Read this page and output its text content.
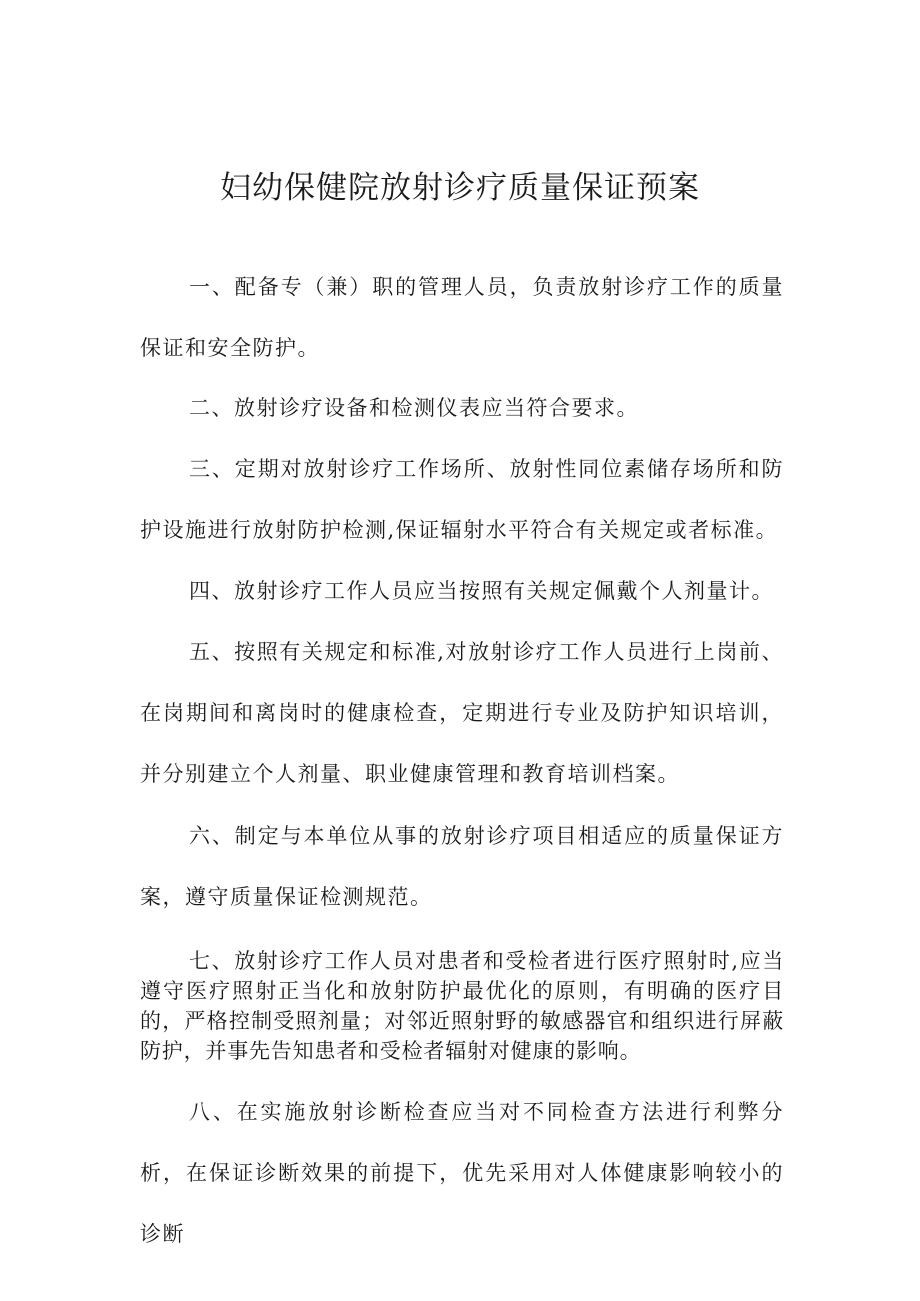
妇幼保健院放射诊疗质量保证预案

一、配备专（兼）职的管理人员，负责放射诊疗工作的质量保证和安全防护。

二、放射诊疗设备和检测仪表应当符合要求。

三、定期对放射诊疗工作场所、放射性同位素储存场所和防护设施进行放射防护检测,保证辐射水平符合有关规定或者标准。

四、放射诊疗工作人员应当按照有关规定佩戴个人剂量计。

五、按照有关规定和标准,对放射诊疗工作人员进行上岗前、在岗期间和离岗时的健康检查，定期进行专业及防护知识培训，并分别建立个人剂量、职业健康管理和教育培训档案。

六、制定与本单位从事的放射诊疗项目相适应的质量保证方案，遵守质量保证检测规范。

七、放射诊疗工作人员对患者和受检者进行医疗照射时,应当遵守医疗照射正当化和放射防护最优化的原则，有明确的医疗目的，严格控制受照剂量；对邻近照射野的敏感器官和组织进行屏蔽防护，并事先告知患者和受检者辐射对健康的影响。

八、在实施放射诊断检查应当对不同检查方法进行利弊分析，在保证诊断效果的前提下，优先采用对人体健康影响较小的诊断
